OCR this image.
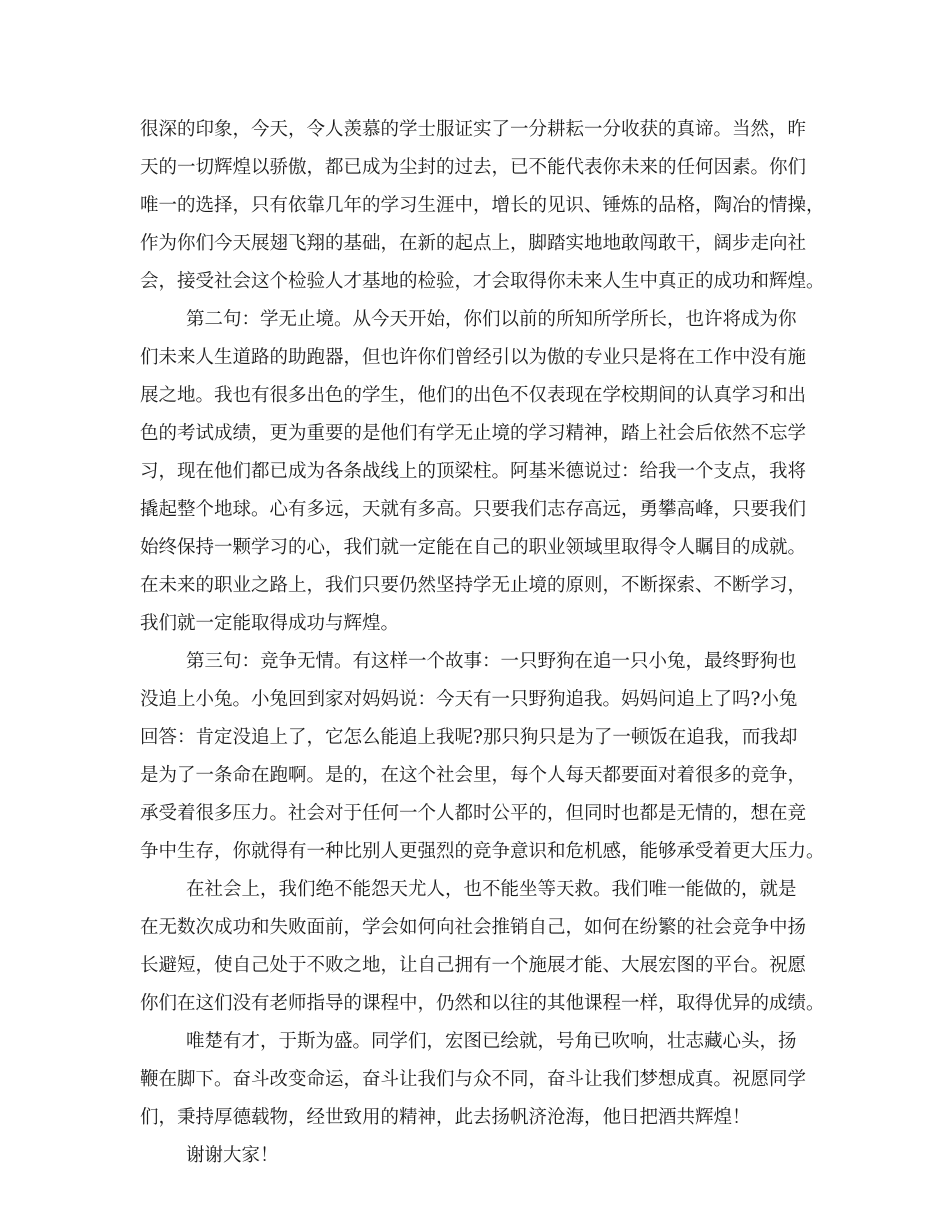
很深的印象，今天，令人羡慕的学士服证实了一分耕耘一分收获的真谛。当然，昨
天的一切辉煌以骄傲，都已成为尘封的过去，已不能代表你未来的任何因素。你们
唯一的选择，只有依靠几年的学习生涯中，增长的见识、锤炼的品格，陶冶的情操，
作为你们今天展翅飞翔的基础，在新的起点上，脚踏实地地敢闯敢干，阔步走向社
会，接受社会这个检验人才基地的检验，才会取得你未来人生中真正的成功和辉煌。
第二句：学无止境。从今天开始，你们以前的所知所学所长，也许将成为你
们未来人生道路的助跑器，但也许你们曾经引以为傲的专业只是将在工作中没有施
展之地。我也有很多出色的学生，他们的出色不仅表现在学校期间的认真学习和出
色的考试成绩，更为重要的是他们有学无止境的学习精神，踏上社会后依然不忘学
习，现在他们都已成为各条战线上的顶梁柱。阿基米德说过：给我一个支点，我将
撬起整个地球。心有多远，天就有多高。只要我们志存高远，勇攀高峰，只要我们
始终保持一颗学习的心，我们就一定能在自己的职业领域里取得令人瞩目的成就。
在未来的职业之路上，我们只要仍然坚持学无止境的原则，不断探索、不断学习，
我们就一定能取得成功与辉煌。
第三句：竞争无情。有这样一个故事：一只野狗在追一只小兔，最终野狗也
没追上小兔。小兔回到家对妈妈说：今天有一只野狗追我。妈妈问追上了吗?小兔
回答：肯定没追上了，它怎么能追上我呢?那只狗只是为了一顿饭在追我，而我却
是为了一条命在跑啊。是的，在这个社会里，每个人每天都要面对着很多的竞争，
承受着很多压力。社会对于任何一个人都时公平的，但同时也都是无情的，想在竞
争中生存，你就得有一种比别人更强烈的竞争意识和危机感，能够承受着更大压力。
在社会上，我们绝不能怨天尤人，也不能坐等天救。我们唯一能做的，就是
在无数次成功和失败面前，学会如何向社会推销自己，如何在纷繁的社会竞争中扬
长避短，使自己处于不败之地，让自己拥有一个施展才能、大展宏图的平台。祝愿
你们在这们没有老师指导的课程中，仍然和以往的其他课程一样，取得优异的成绩。
唯楚有才，于斯为盛。同学们，宏图已绘就，号角已吹响，壮志藏心头，扬
鞭在脚下。奋斗改变命运，奋斗让我们与众不同，奋斗让我们梦想成真。祝愿同学
们，秉持厚德载物，经世致用的精神，此去扬帆济沧海，他日把酒共辉煌！
谢谢大家！
